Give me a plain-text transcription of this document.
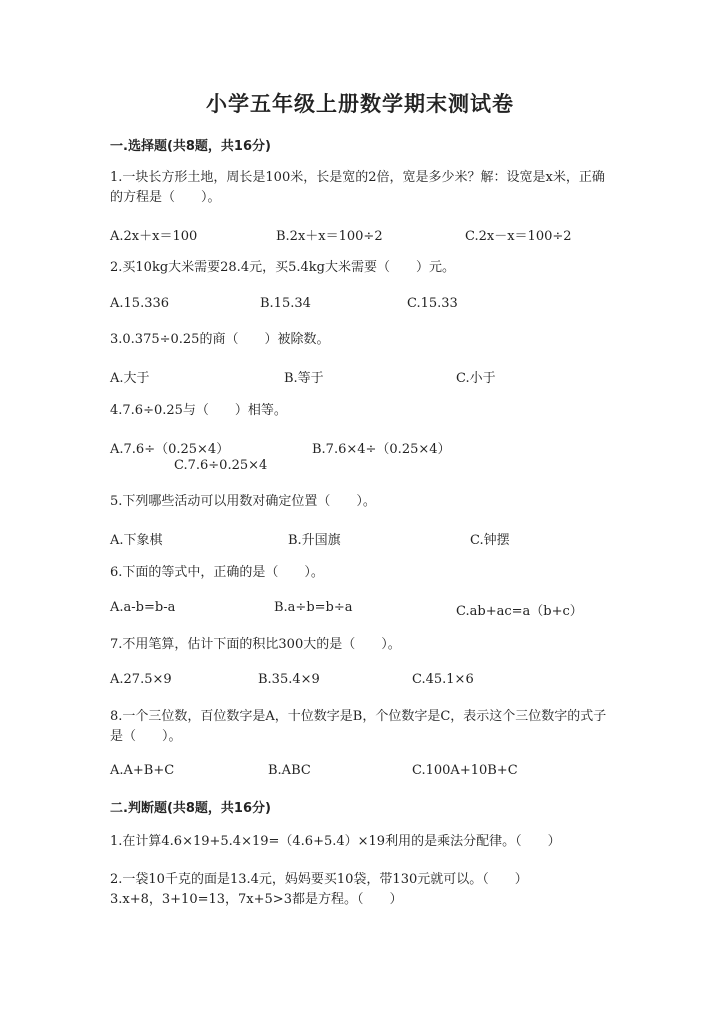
小学五年级上册数学期末测试卷
一.选择题(共8题，共16分)
1.一块长方形土地，周长是100米，长是宽的2倍，宽是多少米？解：设宽是x米，正确的方程是（　　）。
A.2x＋x＝100	B.2x＋x＝100÷2	C.2x－x＝100÷2
2.买10kg大米需要28.4元，买5.4kg大米需要（　　）元。
A.15.336	B.15.34	C.15.33
3.0.375÷0.25的商（　　）被除数。
A.大于	B.等于	C.小于
4.7.6÷0.25与（　　）相等。
A.7.6÷（0.25×4）	B.7.6×4÷（0.25×4）
C.7.6÷0.25×4
5.下列哪些活动可以用数对确定位置（　　）。
A.下象棋	B.升国旗	C.钟摆
6.下面的等式中，正确的是（　　）。
A.a-b=b-a	B.a÷b=b÷a	C.ab+ac=a（b+c）
7.不用笔算，估计下面的积比300大的是（　　）。
A.27.5×9	B.35.4×9	C.45.1×6
8.一个三位数，百位数字是A，十位数字是B，个位数字是C，表示这个三位数字的式子是（　　）。
A.A+B+C	B.ABC	C.100A+10B+C
二.判断题(共8题，共16分)
1.在计算4.6×19+5.4×19=（4.6+5.4）×19利用的是乘法分配律。（　　）
2.一袋10千克的面是13.4元，妈妈要买10袋，带130元就可以。（　　）
3.x+8，3+10=13，7x+5>3都是方程。（　　）
